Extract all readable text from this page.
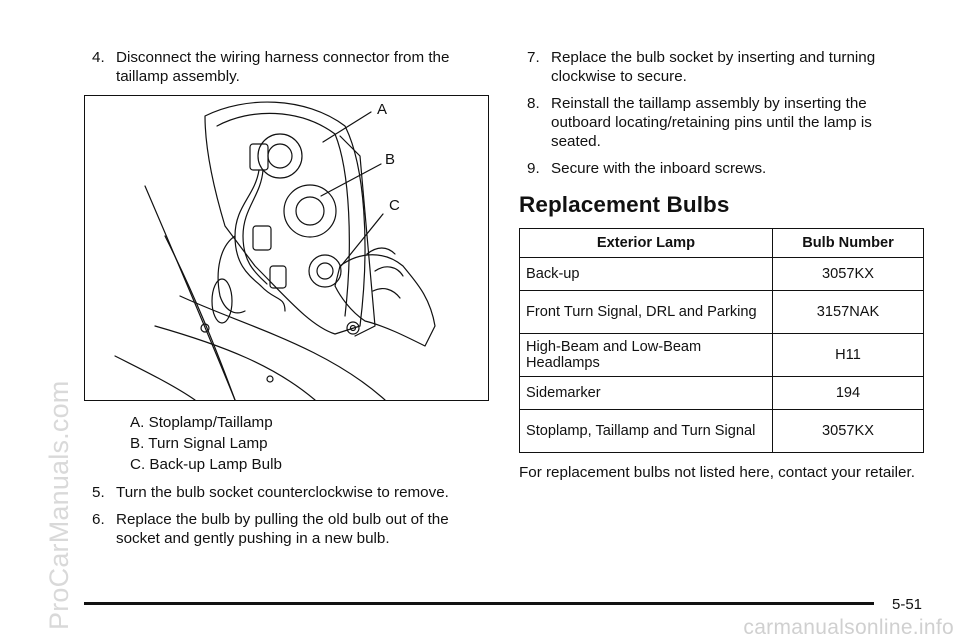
ProCarManuals.com
4. Disconnect the wiring harness connector from the taillamp assembly.
A
B
C
A. Stoplamp/Taillamp
B. Turn Signal Lamp
C. Back-up Lamp Bulb
5. Turn the bulb socket counterclockwise to remove.
6. Replace the bulb by pulling the old bulb out of the socket and gently pushing in a new bulb.
7. Replace the bulb socket by inserting and turning clockwise to secure.
8. Reinstall the taillamp assembly by inserting the outboard locating/retaining pins until the lamp is seated.
9. Secure with the inboard screws.
Replacement Bulbs
Exterior Lamp	Bulb Number
Back-up	3057KX
Front Turn Signal, DRL and Parking	3157NAK
High-Beam and Low-Beam Headlamps	H11
Sidemarker	194
Stoplamp, Taillamp and Turn Signal	3057KX
For replacement bulbs not listed here, contact your retailer.
5-51
carmanualsonline.info
